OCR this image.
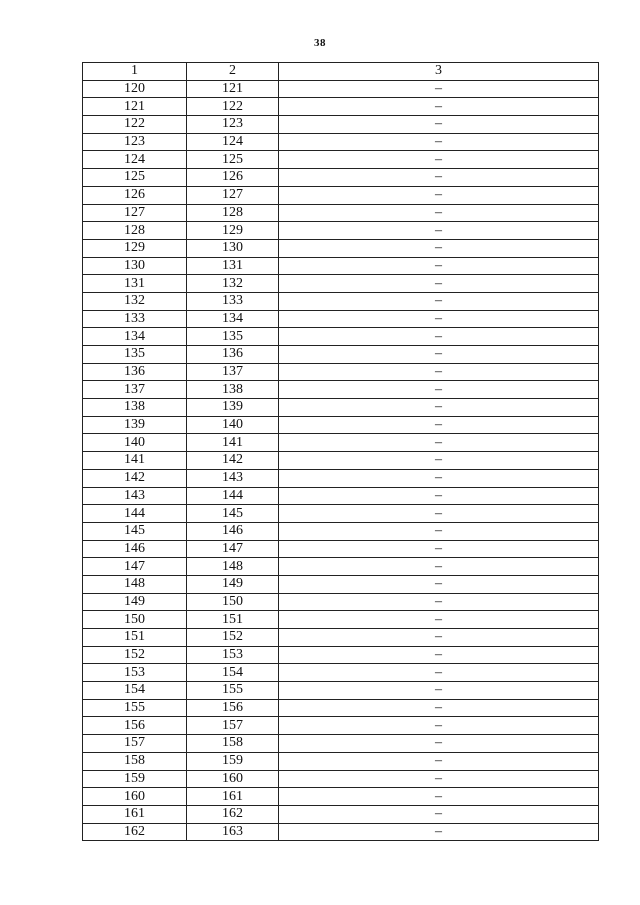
38
1	2	3
120	121	–
121	122	–
122	123	–
123	124	–
124	125	–
125	126	–
126	127	–
127	128	–
128	129	–
129	130	–
130	131	–
131	132	–
132	133	–
133	134	–
134	135	–
135	136	–
136	137	–
137	138	–
138	139	–
139	140	–
140	141	–
141	142	–
142	143	–
143	144	–
144	145	–
145	146	–
146	147	–
147	148	–
148	149	–
149	150	–
150	151	–
151	152	–
152	153	–
153	154	–
154	155	–
155	156	–
156	157	–
157	158	–
158	159	–
159	160	–
160	161	–
161	162	–
162	163	–
